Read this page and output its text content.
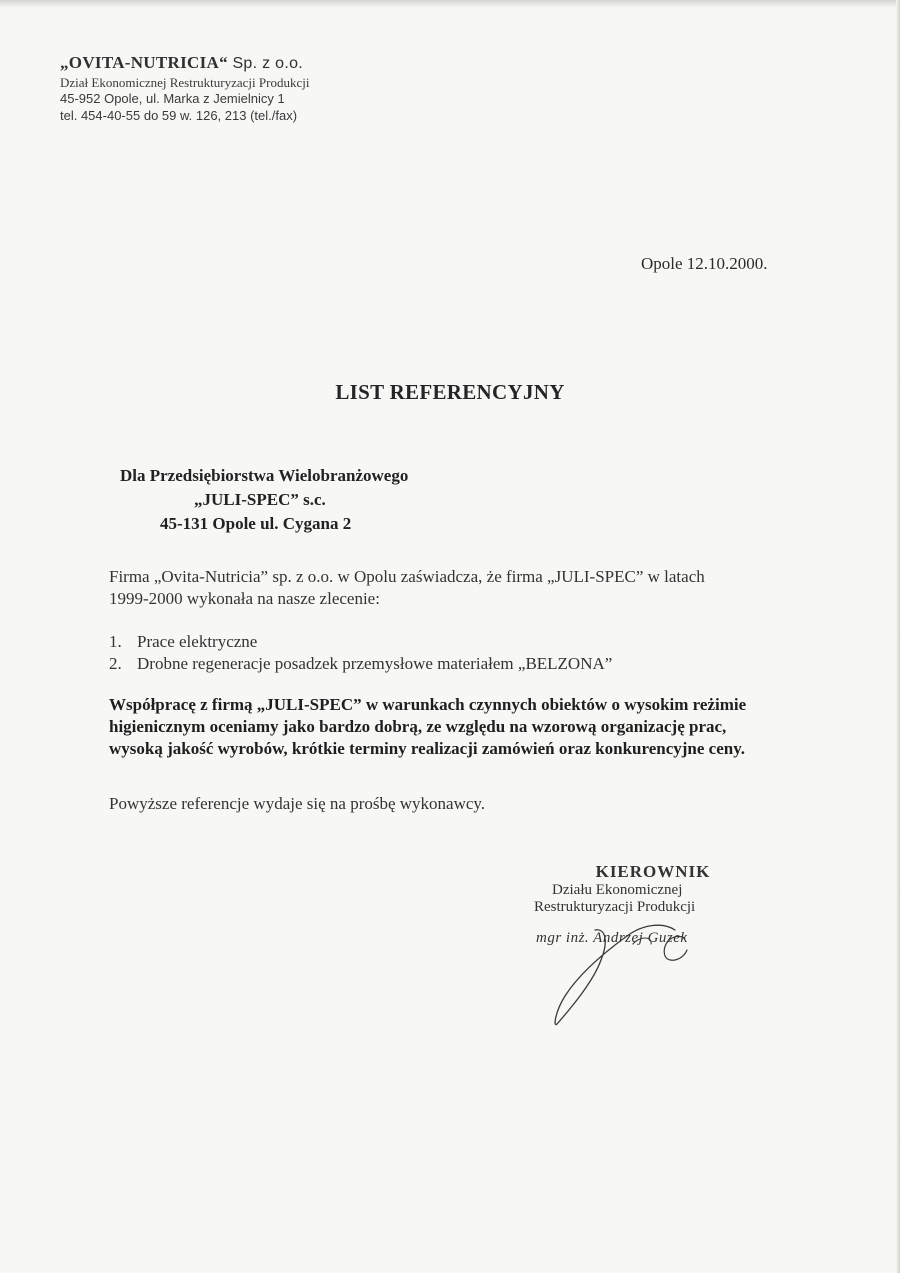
„OVITA-NUTRICIA“ Sp. z o.o.
Dział Ekonomicznej Restrukturyzacji Produkcji
45-952 Opole, ul. Marka z Jemielnicy 1
tel. 454-40-55 do 59 w. 126, 213 (tel./fax)
Opole 12.10.2000.
LIST REFERENCYJNY
Dla Przedsiębiorstwa Wielobranżowego
„JULI-SPEC” s.c.
45-131 Opole ul. Cygana 2

Firma „Ovita-Nutricia” sp. z o.o. w Opolu zaświadcza, że firma „JULI-SPEC” w latach
1999-2000 wykonała na nasze zlecenie:

1. Prace elektryczne
2. Drobne regeneracje posadzek przemysłowe materiałem „BELZONA”
Współpracę z firmą „JULI-SPEC” w warunkach czynnych obiektów o wysokim reżimie
higienicznym oceniamy jako bardzo dobrą, ze względu na wzorową organizację prac,
wysoką jakość wyrobów, krótkie terminy realizacji zamówień oraz konkurencyjne ceny.
Powyższe referencje wydaje się na prośbę wykonawcy.
KIEROWNIK
Działu Ekonomicznej
Restrukturyzacji Produkcji
mgr inż. Andrzej Guzek
